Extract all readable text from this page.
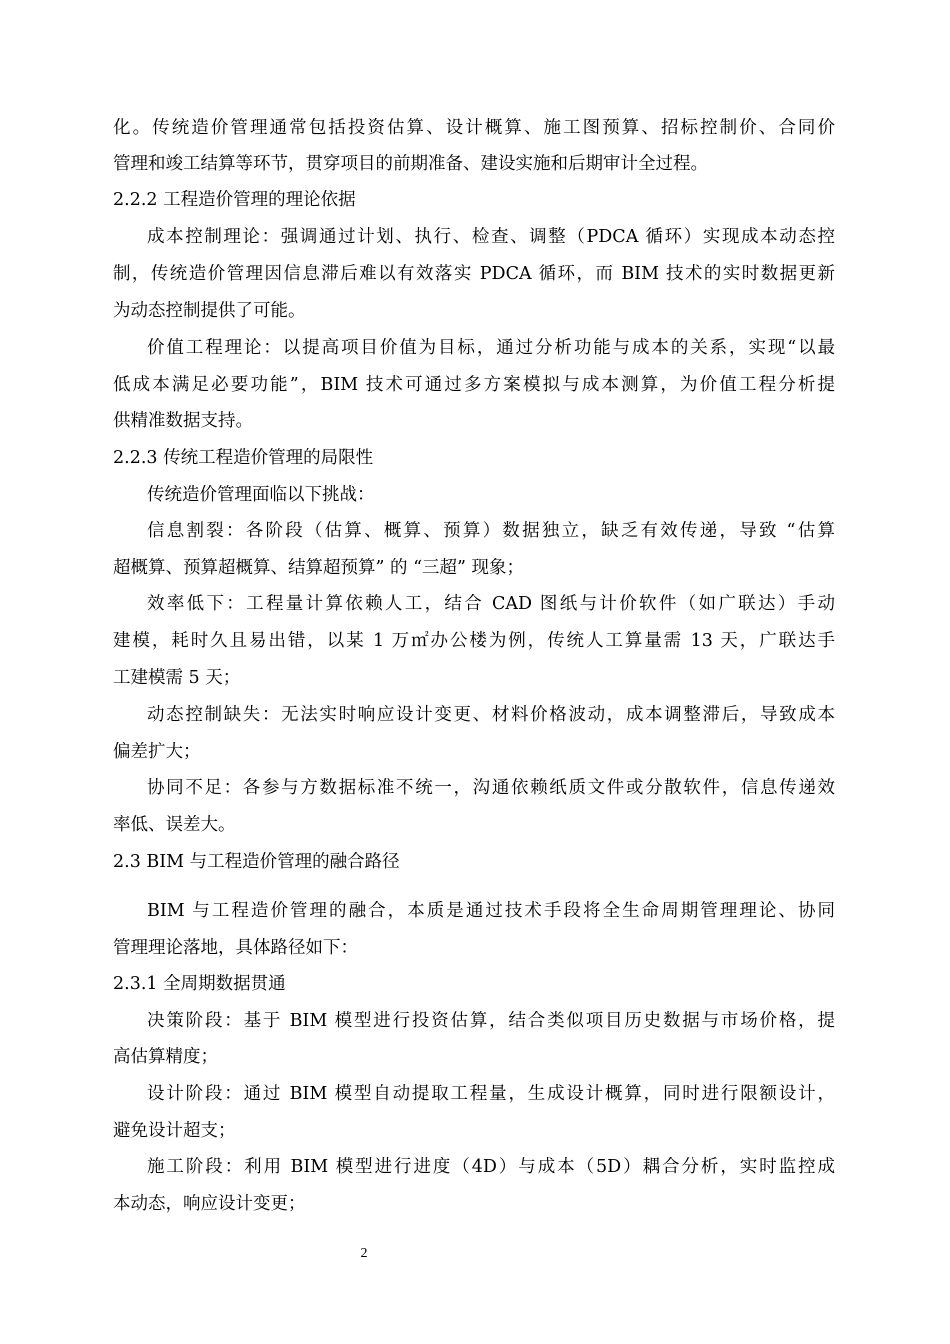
化。传统造价管理通常包括投资估算、设计概算、施工图预算、招标控制价、合同价
管理和竣工结算等环节，贯穿项目的前期准备、建设实施和后期审计全过程。
2.2.2 工程造价管理的理论依据
成本控制理论：强调通过计划、执行、检查、调整（PDCA 循环）实现成本动态控
制，传统造价管理因信息滞后难以有效落实 PDCA 循环，而 BIM 技术的实时数据更新
为动态控制提供了可能。
价值工程理论：以提高项目价值为目标，通过分析功能与成本的关系，实现“以最
低成本满足必要功能”，BIM 技术可通过多方案模拟与成本测算，为价值工程分析提
供精准数据支持。
2.2.3 传统工程造价管理的局限性
传统造价管理面临以下挑战：
信息割裂：各阶段（估算、概算、预算）数据独立，缺乏有效传递，导致 “估算
超概算、预算超概算、结算超预算” 的 “三超” 现象；
效率低下：工程量计算依赖人工，结合 CAD 图纸与计价软件（如广联达）手动
建模，耗时久且易出错，以某 1 万㎡办公楼为例，传统人工算量需 13 天，广联达手
工建模需 5 天；
动态控制缺失：无法实时响应设计变更、材料价格波动，成本调整滞后，导致成本
偏差扩大；
协同不足：各参与方数据标准不统一，沟通依赖纸质文件或分散软件，信息传递效
率低、误差大。
2.3 BIM 与工程造价管理的融合路径
BIM 与工程造价管理的融合，本质是通过技术手段将全生命周期管理理论、协同
管理理论落地，具体路径如下：
2.3.1 全周期数据贯通
决策阶段：基于 BIM 模型进行投资估算，结合类似项目历史数据与市场价格，提
高估算精度；
设计阶段：通过 BIM 模型自动提取工程量，生成设计概算，同时进行限额设计，
避免设计超支；
施工阶段：利用 BIM 模型进行进度（4D）与成本（5D）耦合分析，实时监控成
本动态，响应设计变更；
2
